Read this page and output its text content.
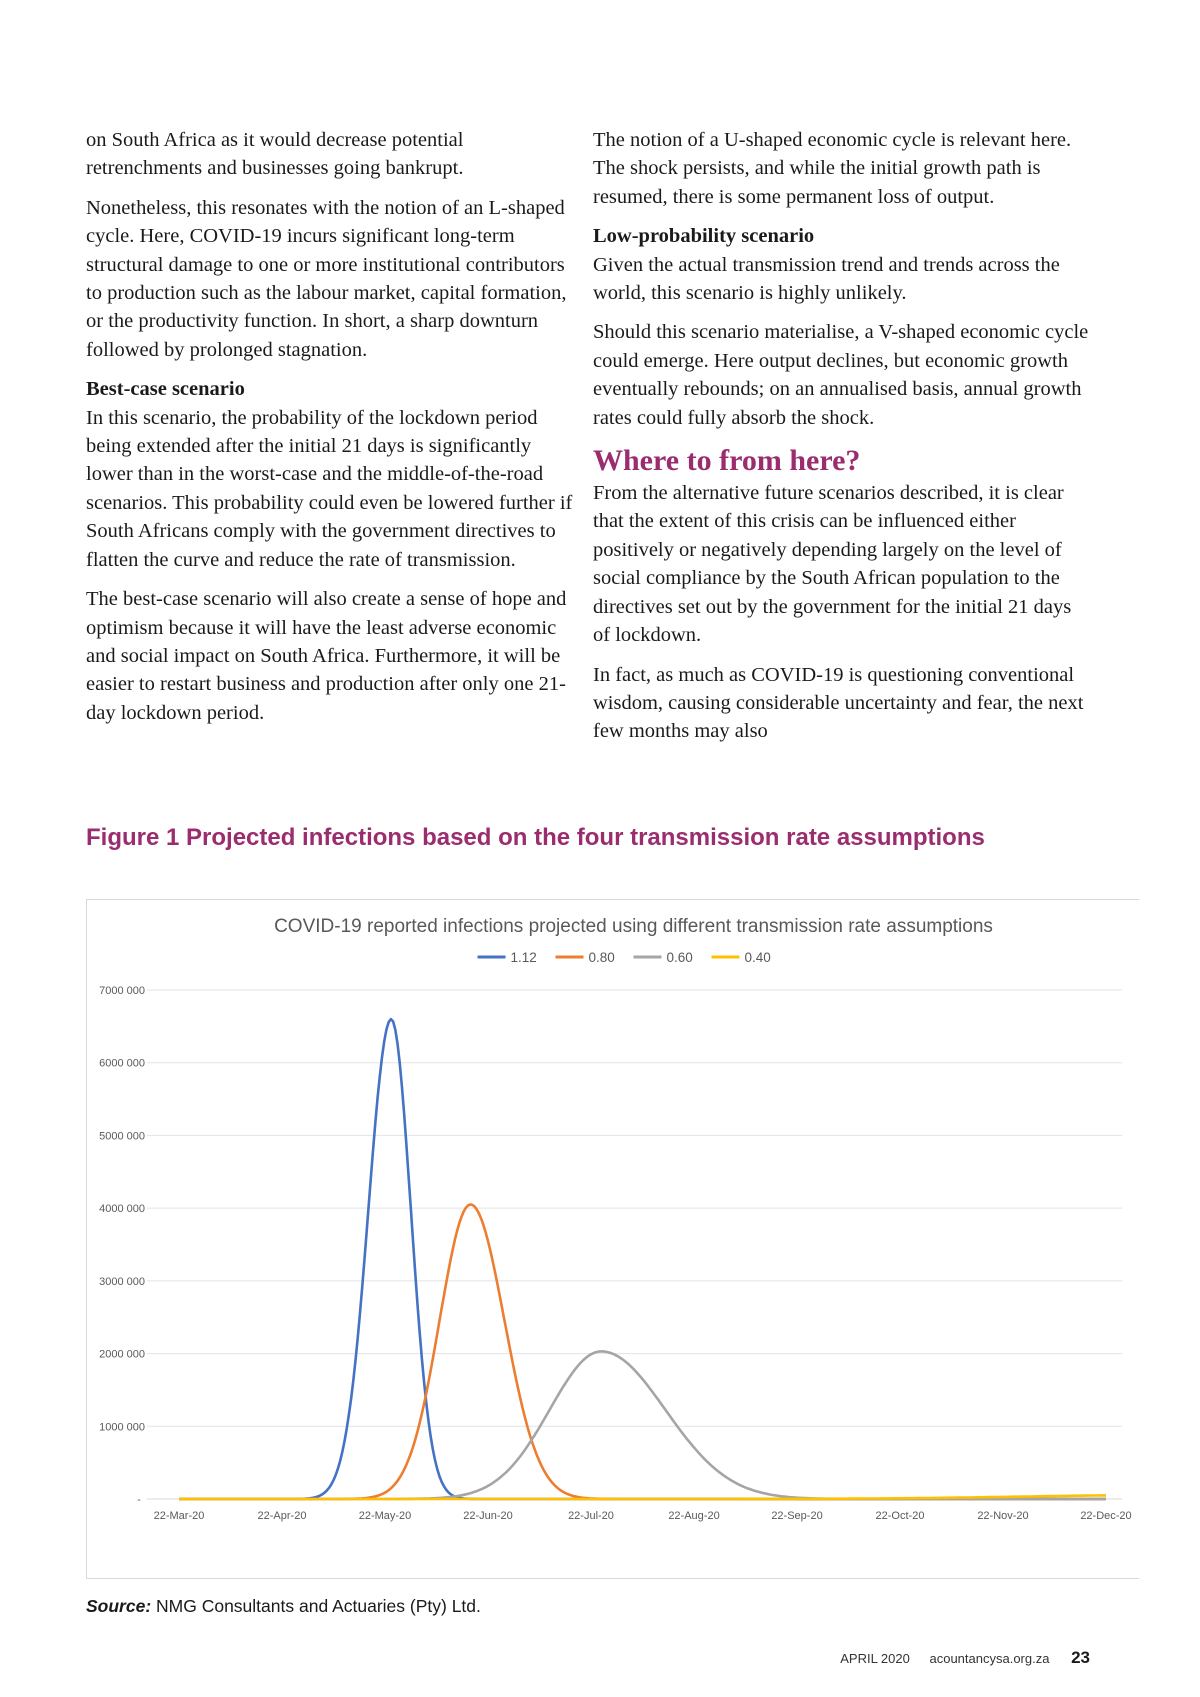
on South Africa as it would decrease potential retrenchments and businesses going bankrupt.

Nonetheless, this resonates with the notion of an L-shaped cycle. Here, COVID-19 incurs significant long-term structural damage to one or more institutional contributors to production such as the labour market, capital formation, or the productivity function. In short, a sharp downturn followed by prolonged stagnation.

Best-case scenario

In this scenario, the probability of the lockdown period being extended after the initial 21 days is significantly lower than in the worst-case and the middle-of-the-road scenarios. This probability could even be lowered further if South Africans comply with the government directives to flatten the curve and reduce the rate of transmission.

The best-case scenario will also create a sense of hope and optimism because it will have the least adverse economic and social impact on South Africa. Furthermore, it will be easier to restart business and production after only one 21-day lockdown period.

The notion of a U-shaped economic cycle is relevant here. The shock persists, and while the initial growth path is resumed, there is some permanent loss of output.

Low-probability scenario

Given the actual transmission trend and trends across the world, this scenario is highly unlikely.

Should this scenario materialise, a V-shaped economic cycle could emerge. Here output declines, but economic growth eventually rebounds; on an annualised basis, annual growth rates could fully absorb the shock.

Where to from here?

From the alternative future scenarios described, it is clear that the extent of this crisis can be influenced either positively or negatively depending largely on the level of social compliance by the South African population to the directives set out by the government for the initial 21 days of lockdown.

In fact, as much as COVID-19 is questioning conventional wisdom, causing considerable uncertainty and fear, the next few months may also

Figure 1 Projected infections based on the four transmission rate assumptions
COVID-19 reported infections projected using different transmission rate assumptions
1.12	0.80	0.60	0.40
-
1000 000
2000 000
3000 000
4000 000
5000 000
6000 000
7000 000
22-Mar-20	22-Apr-20	22-May-20	22-Jun-20	22-Jul-20	22-Aug-20	22-Sep-20	22-Oct-20	22-Nov-20	22-Dec-20

Source: NMG Consultants and Actuaries (Pty) Ltd.

APRIL 2020 acountancysa.org.za 23
